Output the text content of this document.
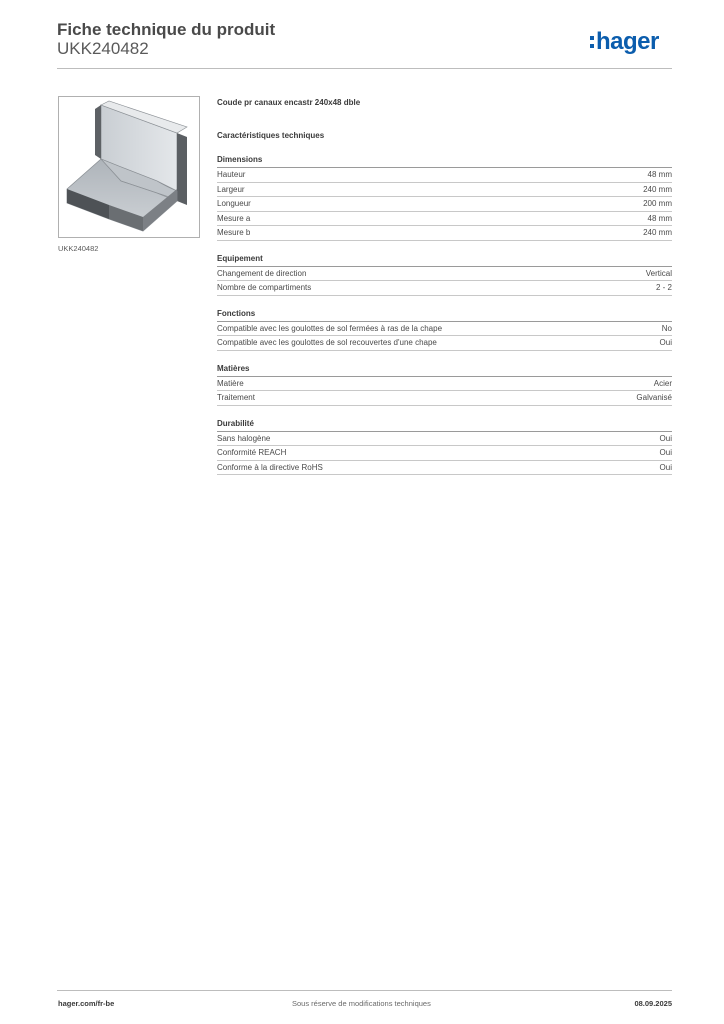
Fiche technique du produit
UKK240482	hager
UKK240482
Coude pr canaux encastr 240x48 dble
Caractéristiques techniques
Dimensions
Hauteur	48 mm
Largeur	240 mm
Longueur	200 mm
Mesure a	48 mm
Mesure b	240 mm
Equipement
Changement de direction	Vertical
Nombre de compartiments	2 - 2
Fonctions
Compatible avec les goulottes de sol fermées à ras de la chape	No
Compatible avec les goulottes de sol recouvertes d'une chape	Oui
Matières
Matière	Acier
Traitement	Galvanisé
Durabilité
Sans halogène	Oui
Conformité REACH	Oui
Conforme à la directive RoHS	Oui
hager.com/fr-be	Sous réserve de modifications techniques	08.09.2025
